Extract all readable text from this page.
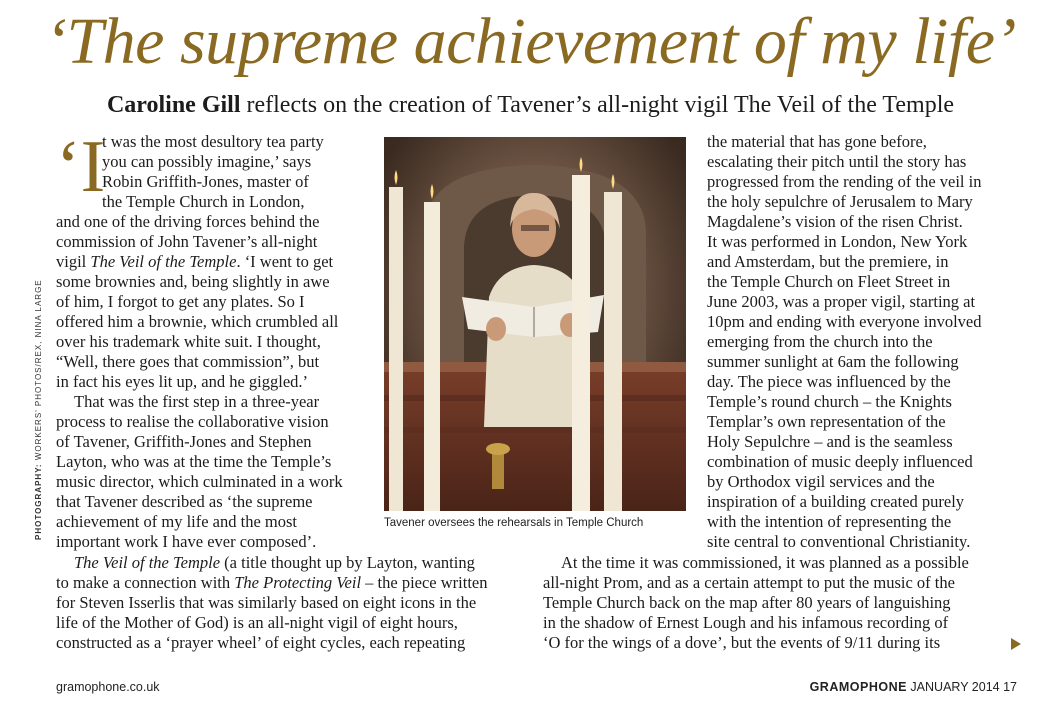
‘The supreme achievement of my life’
Caroline Gill reflects on the creation of Tavener’s all-night vigil The Veil of the Temple
PHOTOGRAPHY: WORKERS’ PHOTOS/REX, NINA LARGE
‘I
t was the most desultory tea party
you can possibly imagine,’ says
Robin Griffith-Jones, master of
the Temple Church in London,
and one of the driving forces behind the
commission of John Tavener’s all-night
vigil The Veil of the Temple. ‘I went to get
some brownies and, being slightly in awe
of him, I forgot to get any plates. So I
offered him a brownie, which crumbled all
over his trademark white suit. I thought,
“Well, there goes that commission”, but
in fact his eyes lit up, and he giggled.’
That was the first step in a three-year
process to realise the collaborative vision
of Tavener, Griffith-Jones and Stephen
Layton, who was at the time the Temple’s
music director, which culminated in a work
that Tavener described as ‘the supreme
achievement of my life and the most
important work I have ever composed’.
Tavener oversees the rehearsals in Temple Church
the material that has gone before,
escalating their pitch until the story has
progressed from the rending of the veil in
the holy sepulchre of Jerusalem to Mary
Magdalene’s vision of the risen Christ.
It was performed in London, New York
and Amsterdam, but the premiere, in
the Temple Church on Fleet Street in
June 2003, was a proper vigil, starting at
10pm and ending with everyone involved
emerging from the church into the
summer sunlight at 6am the following
day. The piece was influenced by the
Temple’s round church – the Knights
Templar’s own representation of the
Holy Sepulchre – and is the seamless
combination of music deeply influenced
by Orthodox vigil services and the
inspiration of a building created purely
with the intention of representing the
site central to conventional Christianity.
The Veil of the Temple (a title thought up by Layton, wanting
to make a connection with The Protecting Veil – the piece written
for Steven Isserlis that was similarly based on eight icons in the
life of the Mother of God) is an all-night vigil of eight hours,
constructed as a ‘prayer wheel’ of eight cycles, each repeating
At the time it was commissioned, it was planned as a possible
all-night Prom, and as a certain attempt to put the music of the
Temple Church back on the map after 80 years of languishing
in the shadow of Ernest Lough and his infamous recording of
‘O for the wings of a dove’, but the events of 9/11 during its
gramophone.co.uk	GRAMOPHONE JANUARY 2014 17
